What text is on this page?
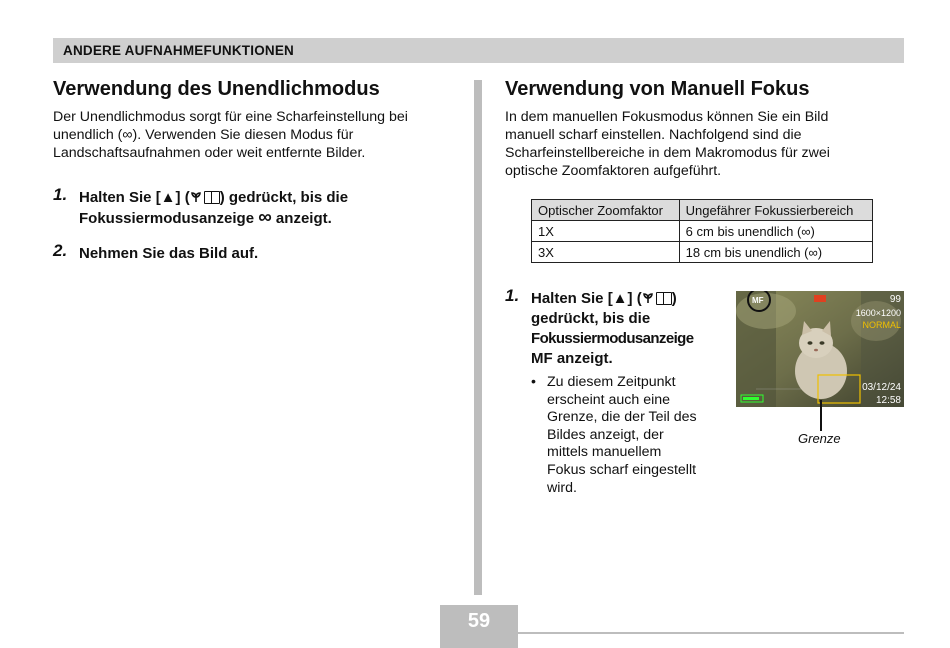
ANDERE AUFNAHMEFUNKTIONEN
Verwendung des Unendlichmodus
Der Unendlichmodus sorgt für eine Scharfeinstellung bei
unendlich (∞). Verwenden Sie diesen Modus für
Landschaftsaufnahmen oder weit entfernte Bilder.
1. Halten Sie [▲] ( ) gedrückt, bis die
Fokussiermodusanzeige ∞ anzeigt.
2. Nehmen Sie das Bild auf.
Verwendung von Manuell Fokus
In dem manuellen Fokusmodus können Sie ein Bild
manuell scharf einstellen. Nachfolgend sind die
Scharfeinstellbereiche in dem Makromodus für zwei
optische Zoomfaktoren aufgeführt.
Optischer Zoomfaktor	Ungefährer Fokussierbereich
1X	6 cm bis unendlich (∞)
3X	18 cm bis unendlich (∞)
1. Halten Sie [▲] ( )
gedrückt, bis die
Fokussiermodusanzeige
MF anzeigt.
• Zu diesem Zeitpunkt
erscheint auch eine
Grenze, die der Teil des
Bildes anzeigt, der
mittels manuellem
Fokus scharf eingestellt
wird.
MF	99
1600×1200
NORMAL
03/12/24
12:58
Grenze
59
